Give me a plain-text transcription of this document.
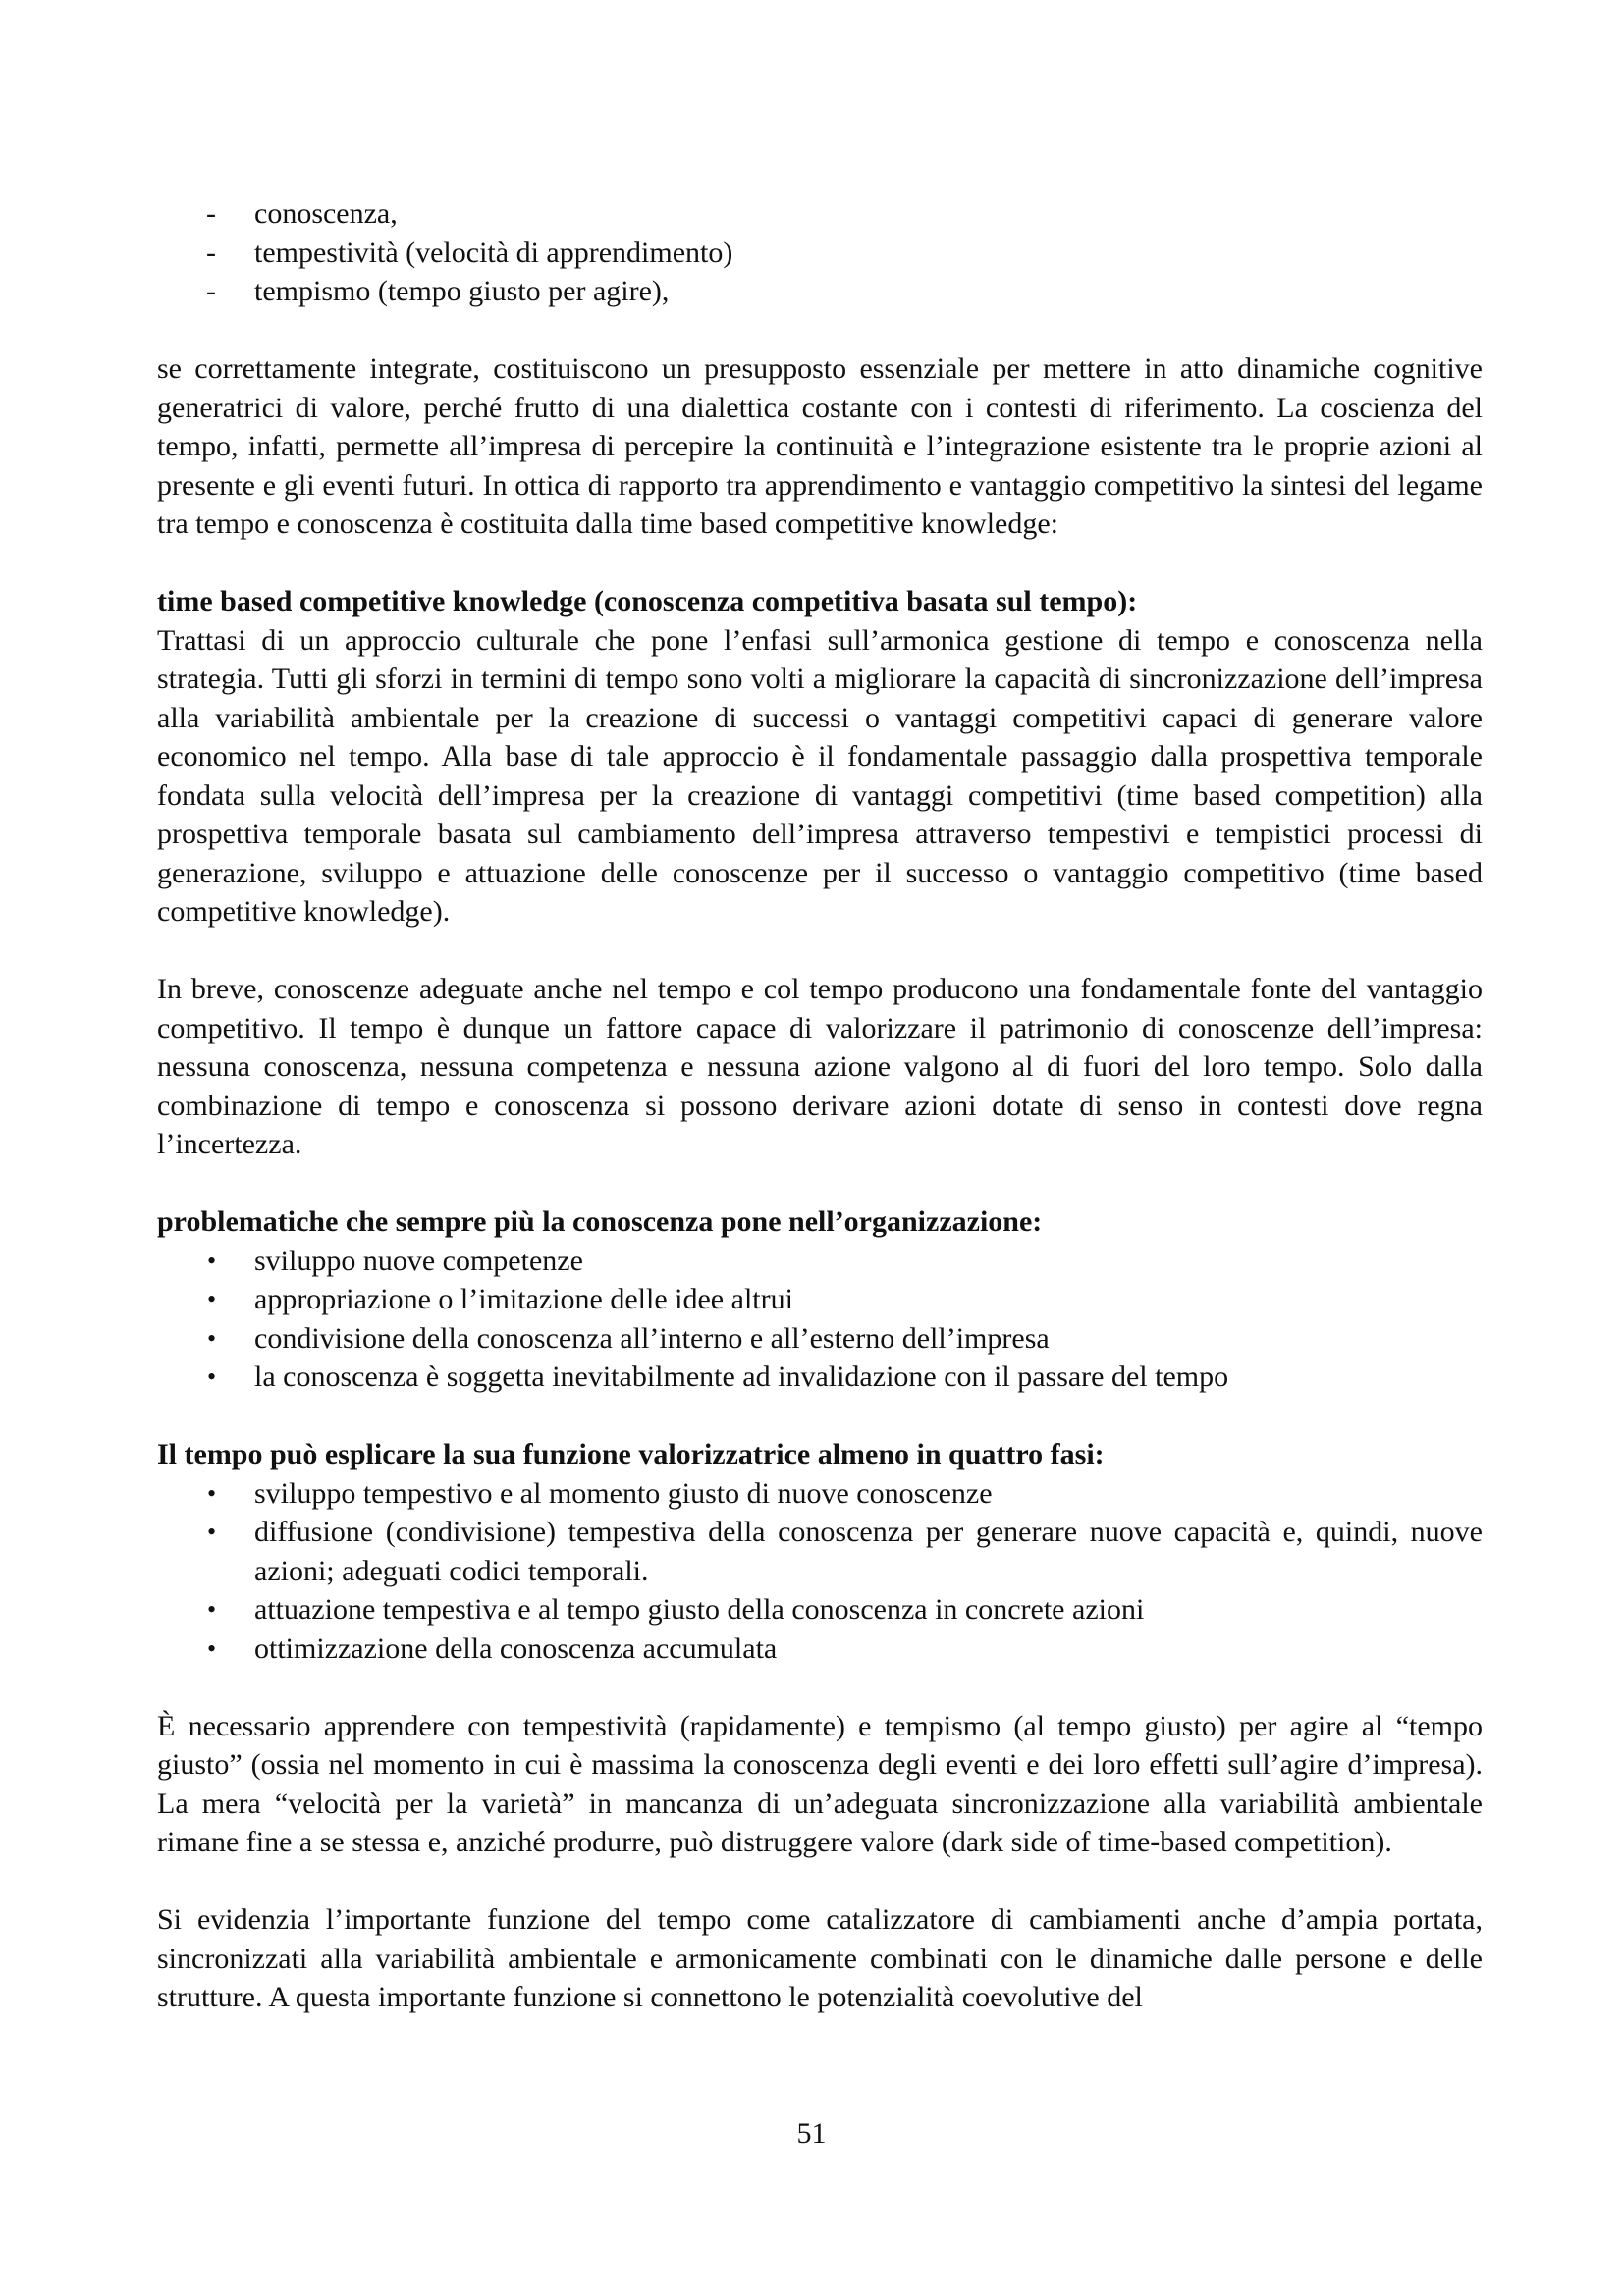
- conoscenza,
- tempestività (velocità di apprendimento)
- tempismo (tempo giusto per agire),

se correttamente integrate, costituiscono un presupposto essenziale per mettere in atto dinamiche cognitive generatrici di valore, perché frutto di una dialettica costante con i contesti di riferimento. La coscienza del tempo, infatti, permette all’impresa di percepire la continuità e l’integrazione esistente tra le proprie azioni al presente e gli eventi futuri. In ottica di rapporto tra apprendimento e vantaggio competitivo la sintesi del legame tra tempo e conoscenza è costituita dalla time based competitive knowledge:

time based competitive knowledge (conoscenza competitiva basata sul tempo):

Trattasi di un approccio culturale che pone l’enfasi sull’armonica gestione di tempo e conoscenza nella strategia. Tutti gli sforzi in termini di tempo sono volti a migliorare la capacità di sincronizzazione dell’impresa alla variabilità ambientale per la creazione di successi o vantaggi competitivi capaci di generare valore economico nel tempo. Alla base di tale approccio è il fondamentale passaggio dalla prospettiva temporale fondata sulla velocità dell’impresa per la creazione di vantaggi competitivi (time based competition) alla prospettiva temporale basata sul cambiamento dell’impresa attraverso tempestivi e tempistici processi di generazione, sviluppo e attuazione delle conoscenze per il successo o vantaggio competitivo (time based competitive knowledge).

In breve, conoscenze adeguate anche nel tempo e col tempo producono una fondamentale fonte del vantaggio competitivo. Il tempo è dunque un fattore capace di valorizzare il patrimonio di conoscenze dell’impresa: nessuna conoscenza, nessuna competenza e nessuna azione valgono al di fuori del loro tempo. Solo dalla combinazione di tempo e conoscenza si possono derivare azioni dotate di senso in contesti dove regna l’incertezza.

problematiche che sempre più la conoscenza pone nell’organizzazione:

• sviluppo nuove competenze
• appropriazione o l’imitazione delle idee altrui
• condivisione della conoscenza all’interno e all’esterno dell’impresa
• la conoscenza è soggetta inevitabilmente ad invalidazione con il passare del tempo

Il tempo può esplicare la sua funzione valorizzatrice almeno in quattro fasi:

• sviluppo tempestivo e al momento giusto di nuove conoscenze
• diffusione (condivisione) tempestiva della conoscenza per generare nuove capacità e, quindi, nuove azioni; adeguati codici temporali.
• attuazione tempestiva e al tempo giusto della conoscenza in concrete azioni
• ottimizzazione della conoscenza accumulata

È necessario apprendere con tempestività (rapidamente) e tempismo (al tempo giusto) per agire al “tempo giusto” (ossia nel momento in cui è massima la conoscenza degli eventi e dei loro effetti sull’agire d’impresa). La mera “velocità per la varietà” in mancanza di un’adeguata sincronizzazione alla variabilità ambientale rimane fine a se stessa e, anziché produrre, può distruggere valore (dark side of time-based competition).

Si evidenzia l’importante funzione del tempo come catalizzatore di cambiamenti anche d’ampia portata, sincronizzati alla variabilità ambientale e armonicamente combinati con le dinamiche dalle persone e delle strutture. A questa importante funzione si connettono le potenzialità coevolutive del

51
